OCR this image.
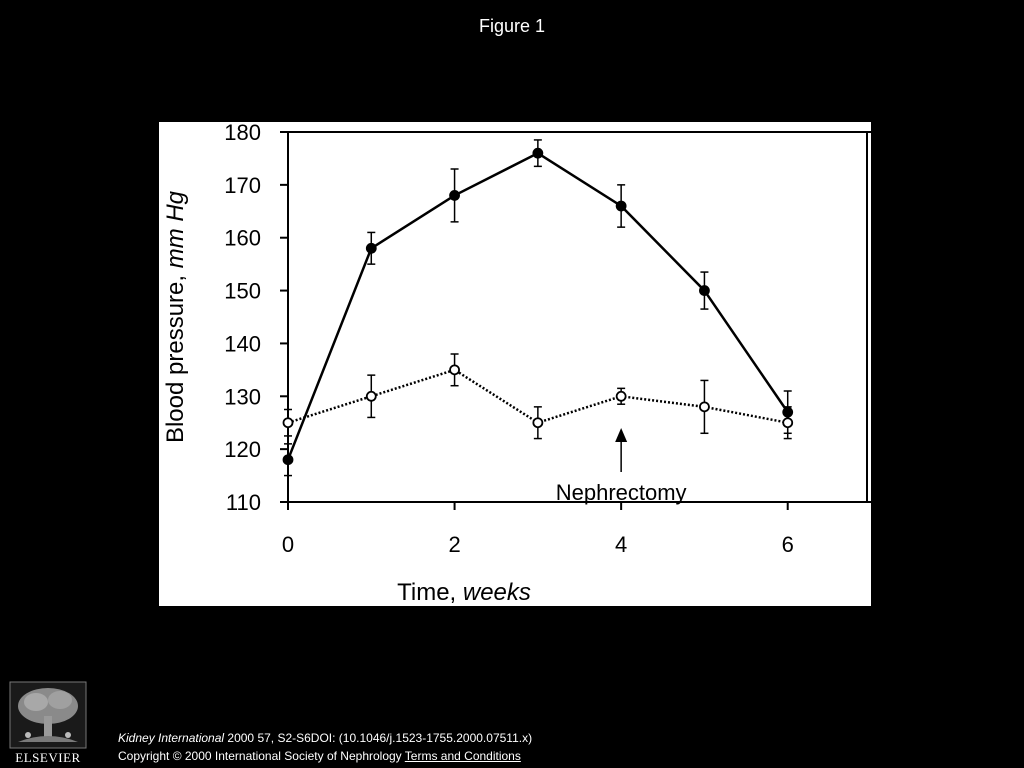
Figure 1
110
120
130
140
150
160
170
180
0	2	4	6
Nephrectomy
Time, weeks
Blood pressure, mm Hg
ELSEVIER
Kidney International 2000 57, S2-S6DOI: (10.1046/j.1523-1755.2000.07511.x)
Copyright © 2000 International Society of Nephrology Terms and Conditions
